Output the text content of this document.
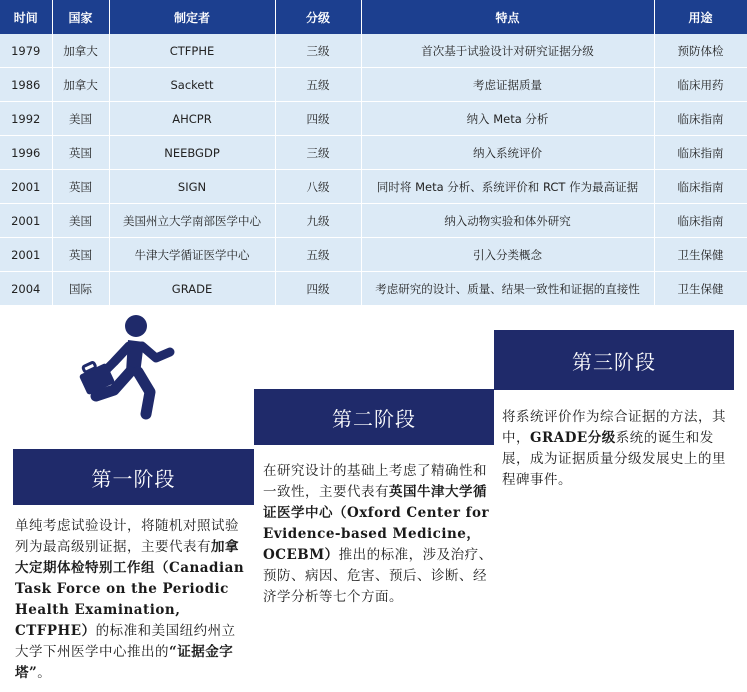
时间	国家	制定者	分级	特点	用途
1979	加拿大	CTFPHE	三级	首次基于试验设计对研究证据分级	预防体检
1986	加拿大	Sackett	五级	考虑证据质量	临床用药
1992	美国	AHCPR	四级	纳入 Meta 分析	临床指南
1996	英国	NEEBGDP	三级	纳入系统评价	临床指南
2001	英国	SIGN	八级	同时将 Meta 分析、系统评价和 RCT 作为最高证据	临床指南
2001	美国	美国州立大学南部医学中心	九级	纳入动物实验和体外研究	临床指南
2001	英国	牛津大学循证医学中心	五级	引入分类概念	卫生保健
2004	国际	GRADE	四级	考虑研究的设计、质量、结果一致性和证据的直接性	卫生保健
第一阶段
第二阶段
第三阶段
单纯考虑试验设计，将随机对照试验列为最高级别证据，主要代表有加拿大定期体检特别工作组（Canadian Task Force on the Periodic Health Examination, CTFPHE）的标准和美国纽约州立大学下州医学中心推出的“证据金字塔”。
在研究设计的基础上考虑了精确性和一致性，主要代表有英国牛津大学循证医学中心（Oxford Center for Evidence-based Medicine，OCEBM）推出的标准，涉及治疗、预防、病因、危害、预后、诊断、经济学分析等七个方面。
将系统评价作为综合证据的方法，其中，GRADE分级系统的诞生和发展，成为证据质量分级发展史上的里程碑事件。
